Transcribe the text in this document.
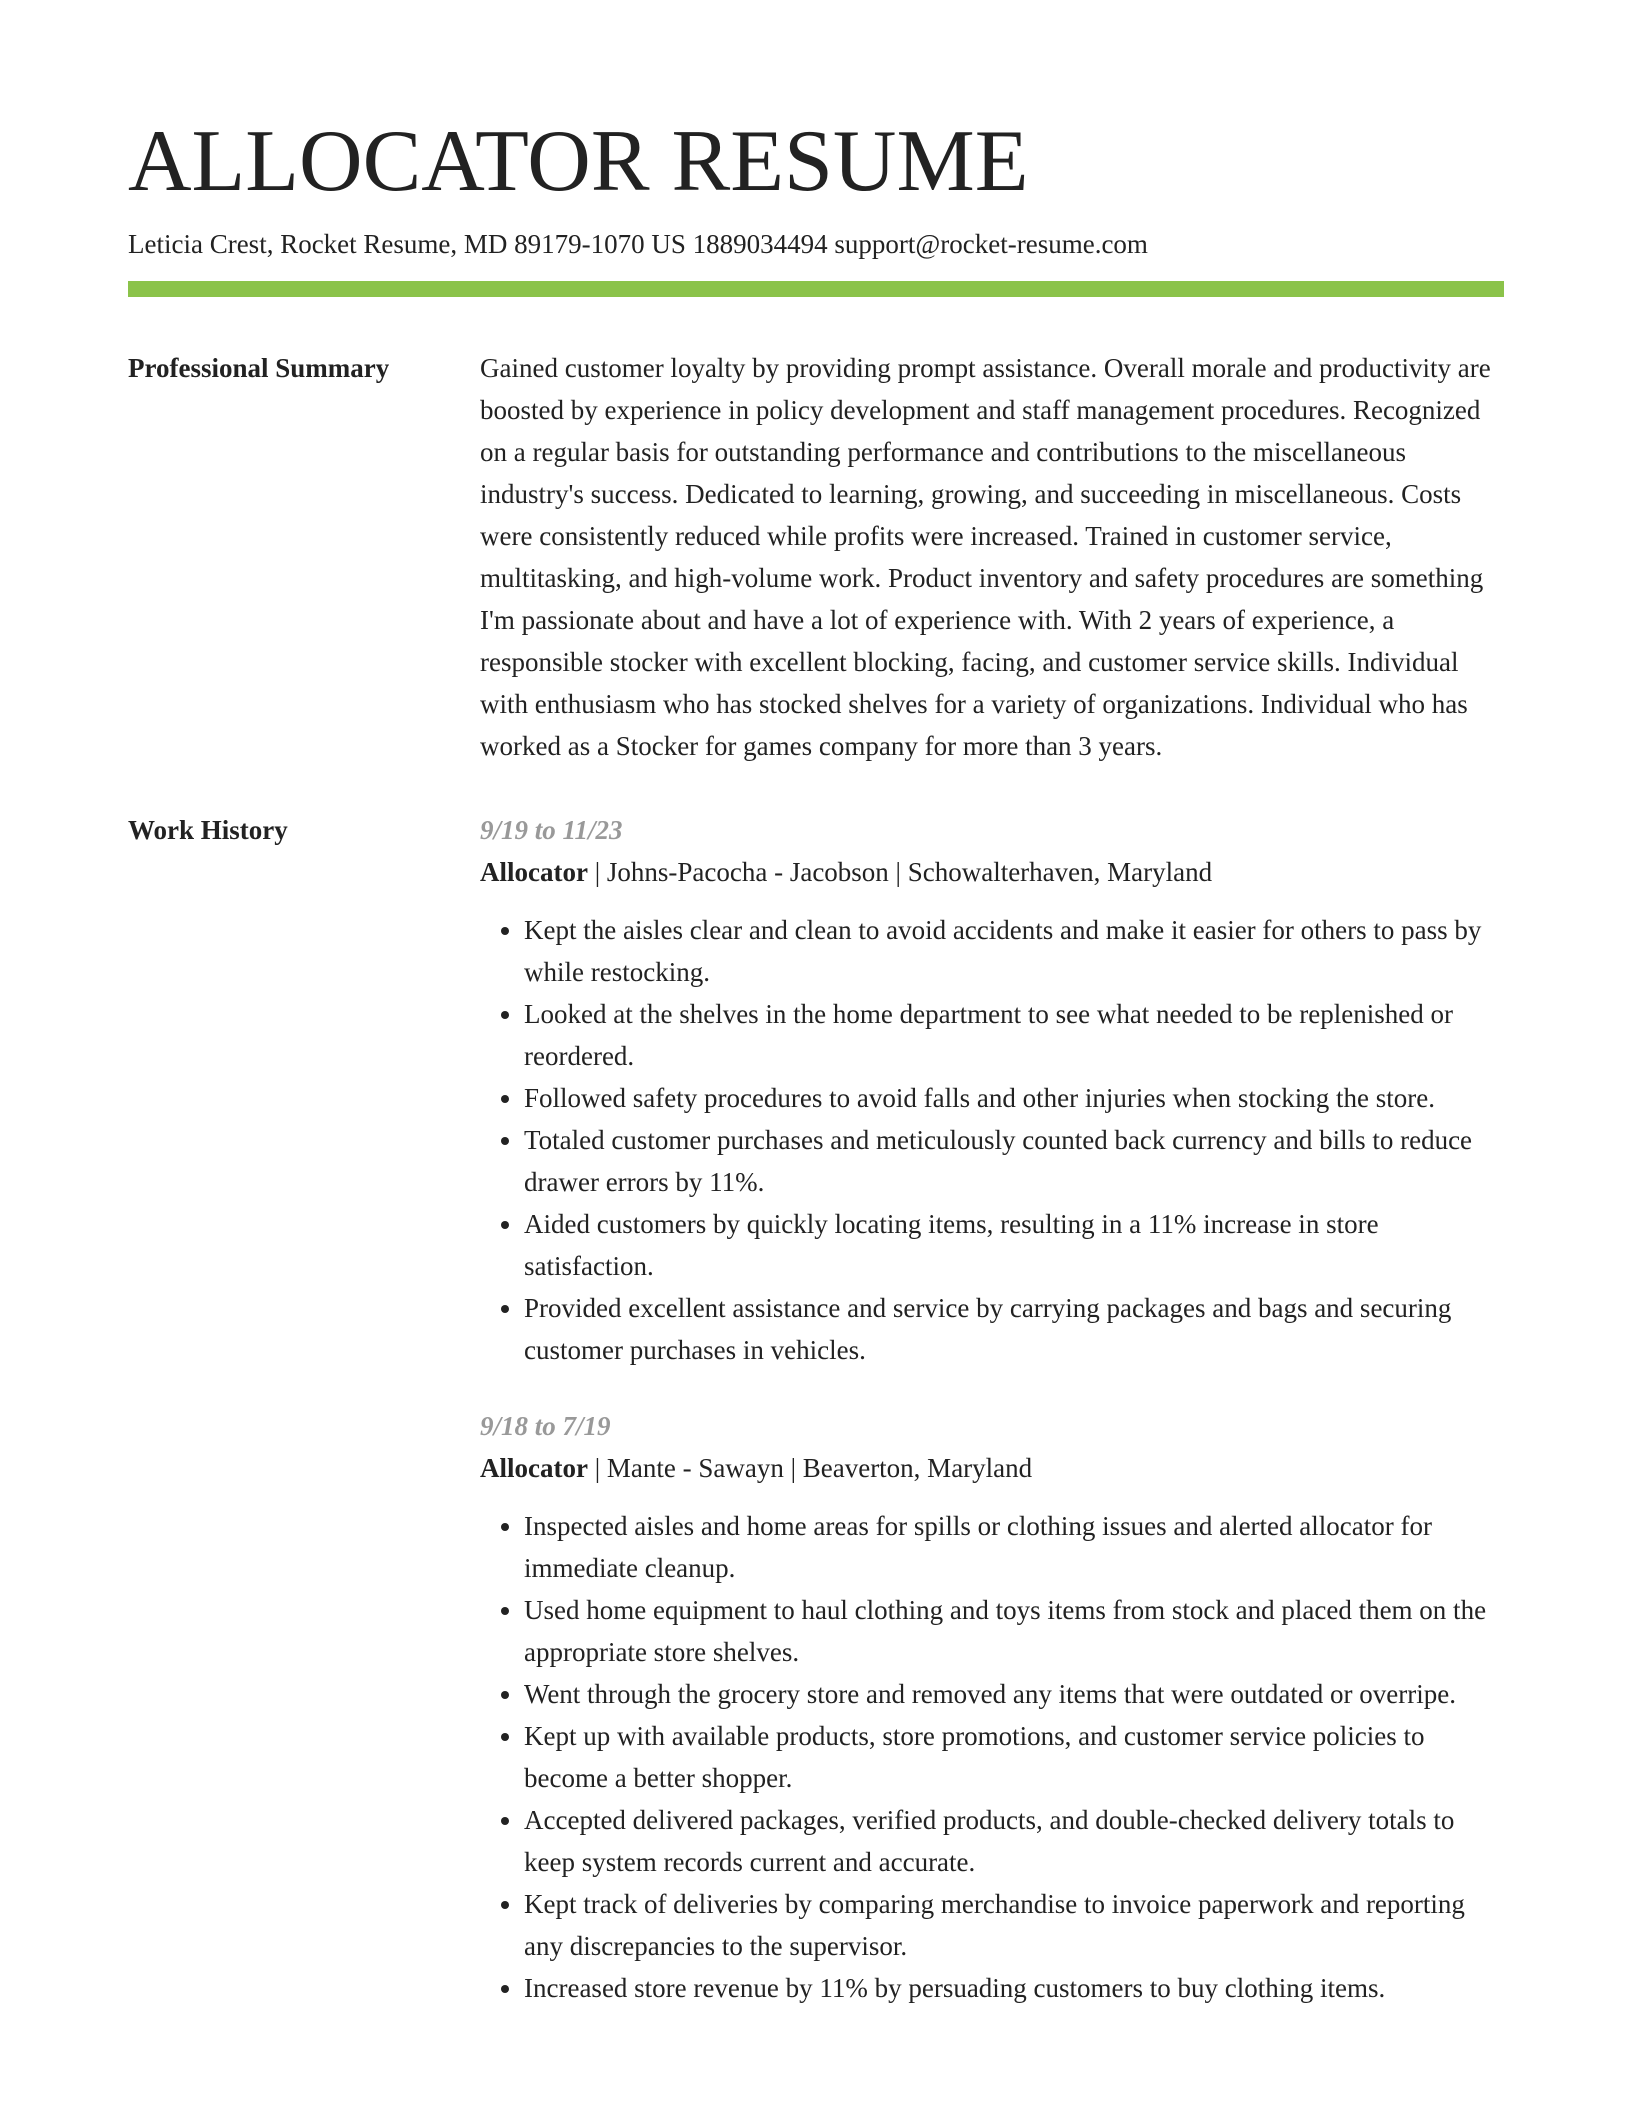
ALLOCATOR RESUME
Leticia Crest, Rocket Resume, MD 89179-1070 US 1889034494 support@rocket-resume.com
Professional Summary	Gained customer loyalty by providing prompt assistance. Overall morale and productivity are boosted by experience in policy development and staff management procedures. Recognized on a regular basis for outstanding performance and contributions to the miscellaneous industry's success. Dedicated to learning, growing, and succeeding in miscellaneous. Costs were consistently reduced while profits were increased. Trained in customer service, multitasking, and high-volume work. Product inventory and safety procedures are something I'm passionate about and have a lot of experience with. With 2 years of experience, a responsible stocker with excellent blocking, facing, and customer service skills. Individual with enthusiasm who has stocked shelves for a variety of organizations. Individual who has worked as a Stocker for games company for more than 3 years.

Work History	9/19 to 11/23
Allocator | Johns-Pacocha - Jacobson | Schowalterhaven, Maryland
• Kept the aisles clear and clean to avoid accidents and make it easier for others to pass by while restocking.
• Looked at the shelves in the home department to see what needed to be replenished or reordered.
• Followed safety procedures to avoid falls and other injuries when stocking the store.
• Totaled customer purchases and meticulously counted back currency and bills to reduce drawer errors by 11%.
• Aided customers by quickly locating items, resulting in a 11% increase in store satisfaction.
• Provided excellent assistance and service by carrying packages and bags and securing customer purchases in vehicles.
9/18 to 7/19
Allocator | Mante - Sawayn | Beaverton, Maryland
• Inspected aisles and home areas for spills or clothing issues and alerted allocator for immediate cleanup.
• Used home equipment to haul clothing and toys items from stock and placed them on the appropriate store shelves.
• Went through the grocery store and removed any items that were outdated or overripe.
• Kept up with available products, store promotions, and customer service policies to become a better shopper.
• Accepted delivered packages, verified products, and double-checked delivery totals to keep system records current and accurate.
• Kept track of deliveries by comparing merchandise to invoice paperwork and reporting any discrepancies to the supervisor.
• Increased store revenue by 11% by persuading customers to buy clothing items.
